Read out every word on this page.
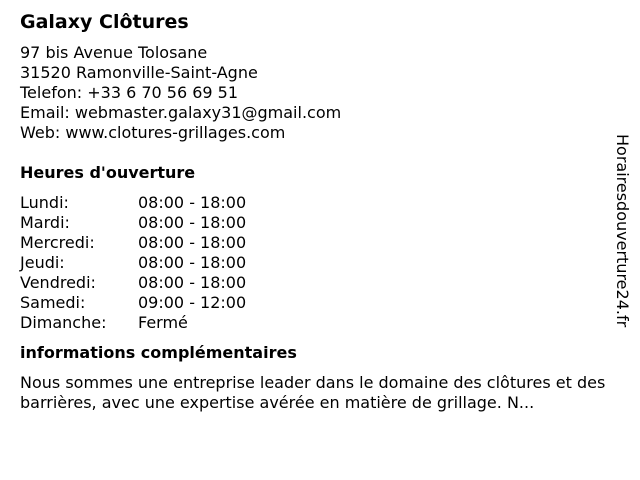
Galaxy Clôtures
97 bis Avenue Tolosane
31520 Ramonville-Saint-Agne
Telefon: +33 6 70 56 69 51
Email: webmaster.galaxy31@gmail.com
Web: www.clotures-grillages.com
Heures d'ouverture
Lundi:	08:00 - 18:00
Mardi:	08:00 - 18:00
Mercredi:	08:00 - 18:00
Jeudi:	08:00 - 18:00
Vendredi:	08:00 - 18:00
Samedi:	09:00 - 12:00
Dimanche:	Fermé
informations complémentaires
Nous sommes une entreprise leader dans le domaine des clôtures et des barrières, avec une expertise avérée en matière de grillage. N...
Horairesdouverture24.fr
